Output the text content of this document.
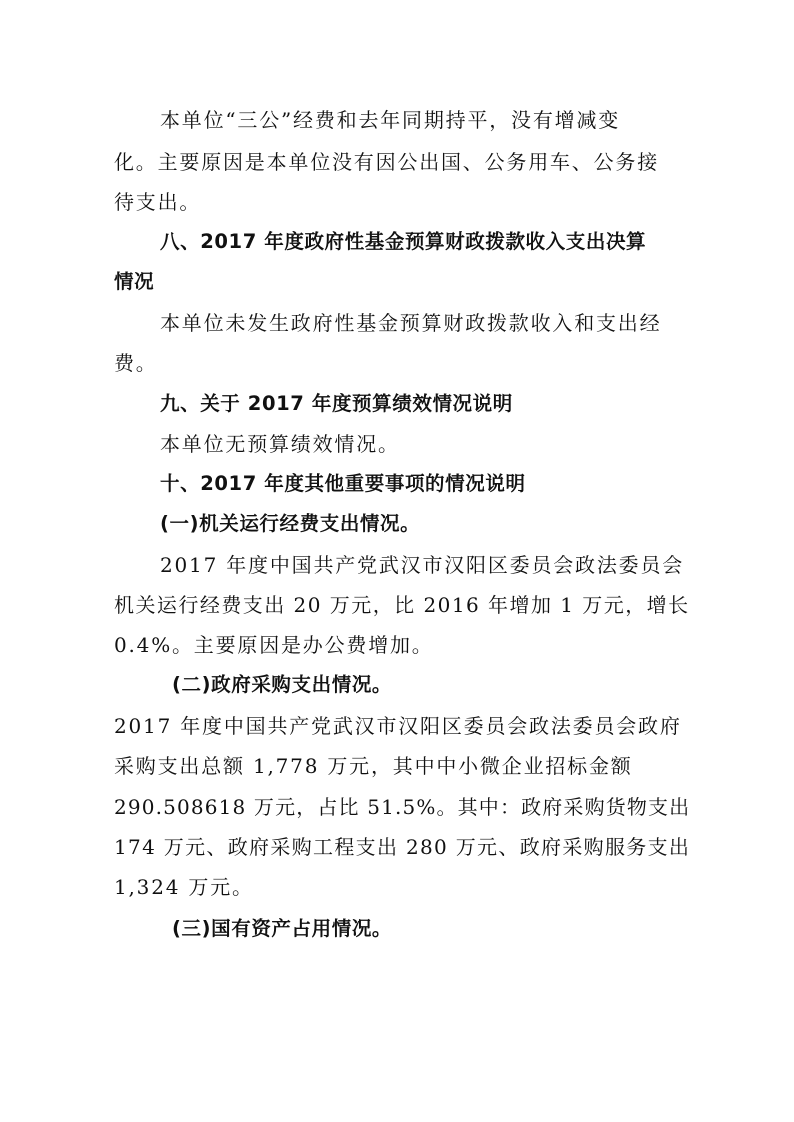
本单位“三公”经费和去年同期持平，没有增减变
化。主要原因是本单位没有因公出国、公务用车、公务接
待支出。
八、2017 年度政府性基金预算财政拨款收入支出决算
情况
本单位未发生政府性基金预算财政拨款收入和支出经
费。
九、关于 2017 年度预算绩效情况说明
本单位无预算绩效情况。
十、2017 年度其他重要事项的情况说明
(一)机关运行经费支出情况。
2017 年度中国共产党武汉市汉阳区委员会政法委员会
机关运行经费支出 20 万元，比 2016 年增加 1 万元，增长
0.4%。主要原因是办公费增加。
(二)政府采购支出情况。
2017 年度中国共产党武汉市汉阳区委员会政法委员会政府
采购支出总额 1,778 万元，其中中小微企业招标金额
290.508618 万元，占比 51.5%。其中：政府采购货物支出
174 万元、政府采购工程支出 280 万元、政府采购服务支出
1,324 万元。
(三)国有资产占用情况。
